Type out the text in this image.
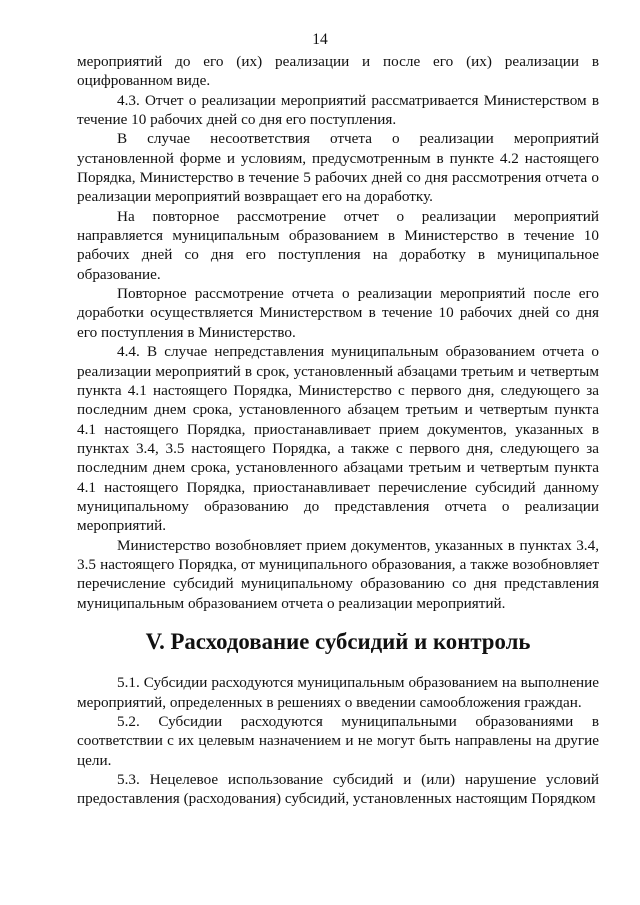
14

мероприятий до его (их) реализации и после его (их) реализации в оцифрованном виде.

4.3. Отчет о реализации мероприятий рассматривается Министерством в течение 10 рабочих дней со дня его поступления.

В случае несоответствия отчета о реализации мероприятий установленной форме и условиям, предусмотренным в пункте 4.2 настоящего Порядка, Министерство в течение 5 рабочих дней со дня рассмотрения отчета о реализации мероприятий возвращает его на доработку.

На повторное рассмотрение отчет о реализации мероприятий направляется муниципальным образованием в Министерство в течение 10 рабочих дней со дня его поступления на доработку в муниципальное образование.

Повторное рассмотрение отчета о реализации мероприятий после его доработки осуществляется Министерством в течение 10 рабочих дней со дня его поступления в Министерство.

4.4. В случае непредставления муниципальным образованием отчета о реализации мероприятий в срок, установленный абзацами третьим и четвертым пункта 4.1 настоящего Порядка, Министерство с первого дня, следующего за последним днем срока, установленного абзацем третьим и четвертым пункта 4.1 настоящего Порядка, приостанавливает прием документов, указанных в пунктах 3.4, 3.5 настоящего Порядка, а также с первого дня, следующего за последним днем срока, установленного абзацами третьим и четвертым пункта 4.1 настоящего Порядка, приостанавливает перечисление субсидий данному муниципальному образованию до представления отчета о реализации мероприятий.

Министерство возобновляет прием документов, указанных в пунктах 3.4, 3.5 настоящего Порядка, от муниципального образования, а также возобновляет перечисление субсидий муниципальному образованию со дня представления муниципальным образованием отчета о реализации мероприятий.

V. Расходование субсидий и контроль

5.1. Субсидии расходуются муниципальным образованием на выполнение мероприятий, определенных в решениях о введении самообложения граждан.

5.2. Субсидии расходуются муниципальными образованиями в соответствии с их целевым назначением и не могут быть направлены на другие цели.

5.3. Нецелевое использование субсидий и (или) нарушение условий предоставления (расходования) субсидий, установленных настоящим Порядком
